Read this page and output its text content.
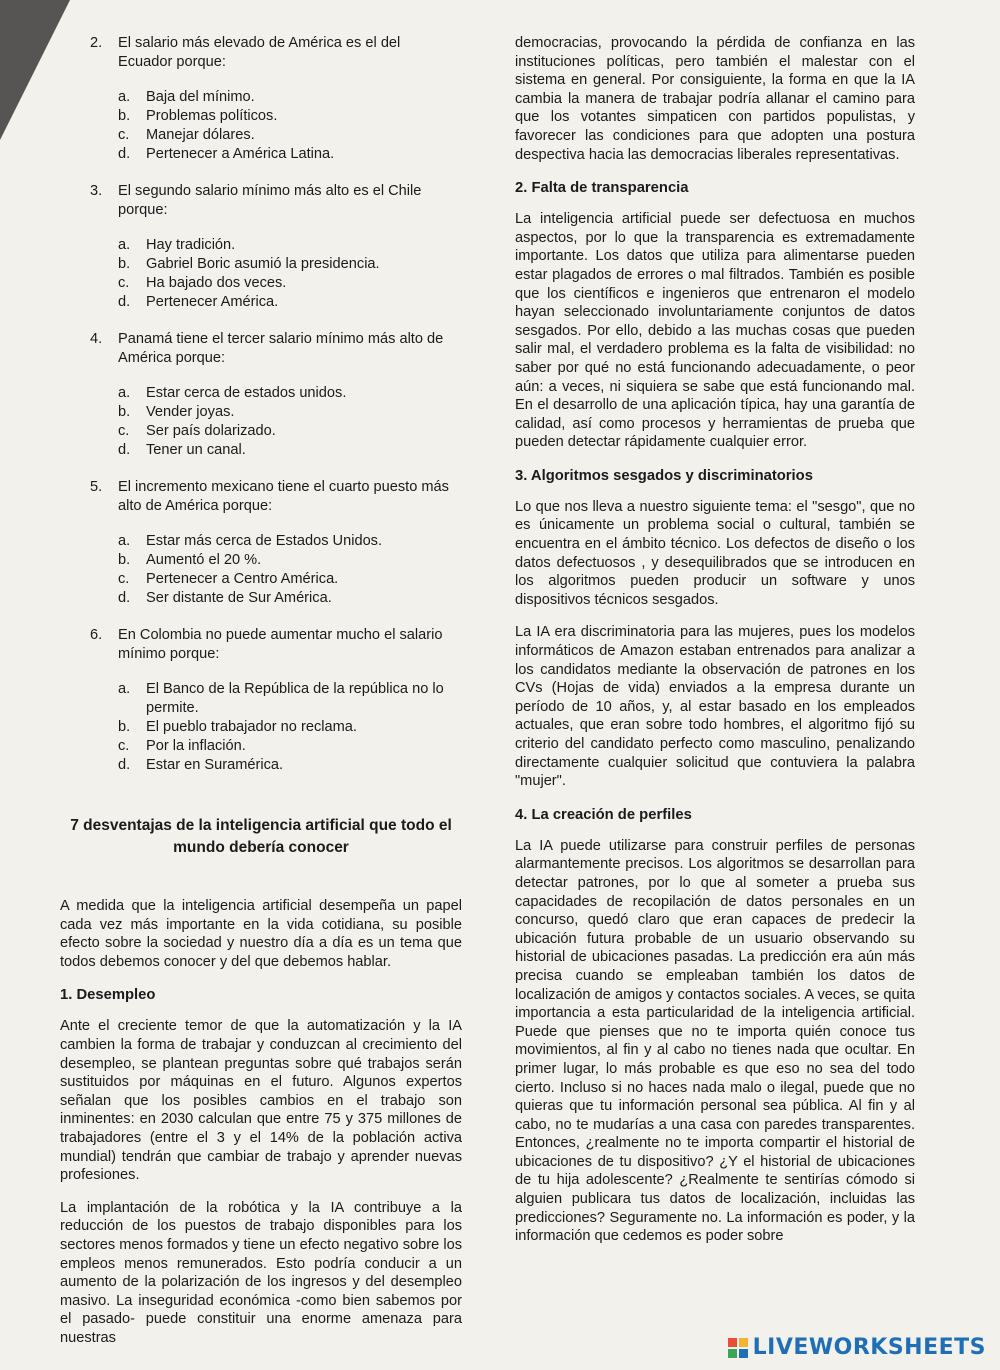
2.	El salario más elevado de América es el del Ecuador porque:
a.	Baja del mínimo.
b.	Problemas políticos.
c.	Manejar dólares.
d.	Pertenecer a América Latina.
3.	El segundo salario mínimo más alto es el Chile porque:
a.	Hay tradición.
b.	Gabriel Boric asumió la presidencia.
c.	Ha bajado dos veces.
d.	Pertenecer América.
4.	Panamá tiene el tercer salario mínimo más alto de América porque:
a.	Estar cerca de estados unidos.
b.	Vender joyas.
c.	Ser país dolarizado.
d.	Tener un canal.
5.	El incremento mexicano tiene el cuarto puesto más alto de América porque:
a.	Estar más cerca de Estados Unidos.
b.	Aumentó el 20 %.
c.	Pertenecer a Centro América.
d.	Ser distante de Sur América.
6.	En Colombia no puede aumentar mucho el salario mínimo porque:
a.	El Banco de la República de la república no lo permite.
b.	El pueblo trabajador no reclama.
c.	Por la inflación.
d.	Estar en Suramérica.
7 desventajas de la inteligencia artificial que todo el mundo debería conocer

A medida que la inteligencia artificial desempeña un papel cada vez más importante en la vida cotidiana, su posible efecto sobre la sociedad y nuestro día a día es un tema que todos debemos conocer y del que debemos hablar.

1. Desempleo

Ante el creciente temor de que la automatización y la IA cambien la forma de trabajar y conduzcan al crecimiento del desempleo, se plantean preguntas sobre qué trabajos serán sustituidos por máquinas en el futuro. Algunos expertos señalan que los posibles cambios en el trabajo son inminentes: en 2030 calculan que entre 75 y 375 millones de trabajadores (entre el 3 y el 14% de la población activa mundial) tendrán que cambiar de trabajo y aprender nuevas profesiones.

La implantación de la robótica y la IA contribuye a la reducción de los puestos de trabajo disponibles para los sectores menos formados y tiene un efecto negativo sobre los empleos menos remunerados. Esto podría conducir a un aumento de la polarización de los ingresos y del desempleo masivo. La inseguridad económica -como bien sabemos por el pasado- puede constituir una enorme amenaza para nuestras

democracias, provocando la pérdida de confianza en las instituciones políticas, pero también el malestar con el sistema en general. Por consiguiente, la forma en que la IA cambia la manera de trabajar podría allanar el camino para que los votantes simpaticen con partidos populistas, y favorecer las condiciones para que adopten una postura despectiva hacia las democracias liberales representativas.

2. Falta de transparencia

La inteligencia artificial puede ser defectuosa en muchos aspectos, por lo que la transparencia es extremadamente importante. Los datos que utiliza para alimentarse pueden estar plagados de errores o mal filtrados. También es posible que los científicos e ingenieros que entrenaron el modelo hayan seleccionado involuntariamente conjuntos de datos sesgados. Por ello, debido a las muchas cosas que pueden salir mal, el verdadero problema es la falta de visibilidad: no saber por qué no está funcionando adecuadamente, o peor aún: a veces, ni siquiera se sabe que está funcionando mal. En el desarrollo de una aplicación típica, hay una garantía de calidad, así como procesos y herramientas de prueba que pueden detectar rápidamente cualquier error.

3. Algoritmos sesgados y discriminatorios

Lo que nos lleva a nuestro siguiente tema: el "sesgo", que no es únicamente un problema social o cultural, también se encuentra en el ámbito técnico. Los defectos de diseño o los datos defectuosos , y desequilibrados que se introducen en los algoritmos pueden producir un software y unos dispositivos técnicos sesgados.

La IA era discriminatoria para las mujeres, pues los modelos informáticos de Amazon estaban entrenados para analizar a los candidatos mediante la observación de patrones en los CVs (Hojas de vida) enviados a la empresa durante un período de 10 años, y, al estar basado en los empleados actuales, que eran sobre todo hombres, el algoritmo fijó su criterio del candidato perfecto como masculino, penalizando directamente cualquier solicitud que contuviera la palabra "mujer".

4. La creación de perfiles

La IA puede utilizarse para construir perfiles de personas alarmantemente precisos. Los algoritmos se desarrollan para detectar patrones, por lo que al someter a prueba sus capacidades de recopilación de datos personales en un concurso, quedó claro que eran capaces de predecir la ubicación futura probable de un usuario observando su historial de ubicaciones pasadas. La predicción era aún más precisa cuando se empleaban también los datos de localización de amigos y contactos sociales. A veces, se quita importancia a esta particularidad de la inteligencia artificial. Puede que pienses que no te importa quién conoce tus movimientos, al fin y al cabo no tienes nada que ocultar. En primer lugar, lo más probable es que eso no sea del todo cierto. Incluso si no haces nada malo o ilegal, puede que no quieras que tu información personal sea pública. Al fin y al cabo, no te mudarías a una casa con paredes transparentes. Entonces, ¿realmente no te importa compartir el historial de ubicaciones de tu dispositivo? ¿Y el historial de ubicaciones de tu hija adolescente? ¿Realmente te sentirías cómodo si alguien publicara tus datos de localización, incluidas las predicciones? Seguramente no. La información es poder, y la información que cedemos es poder sobre

LIVEWORKSHEETS
